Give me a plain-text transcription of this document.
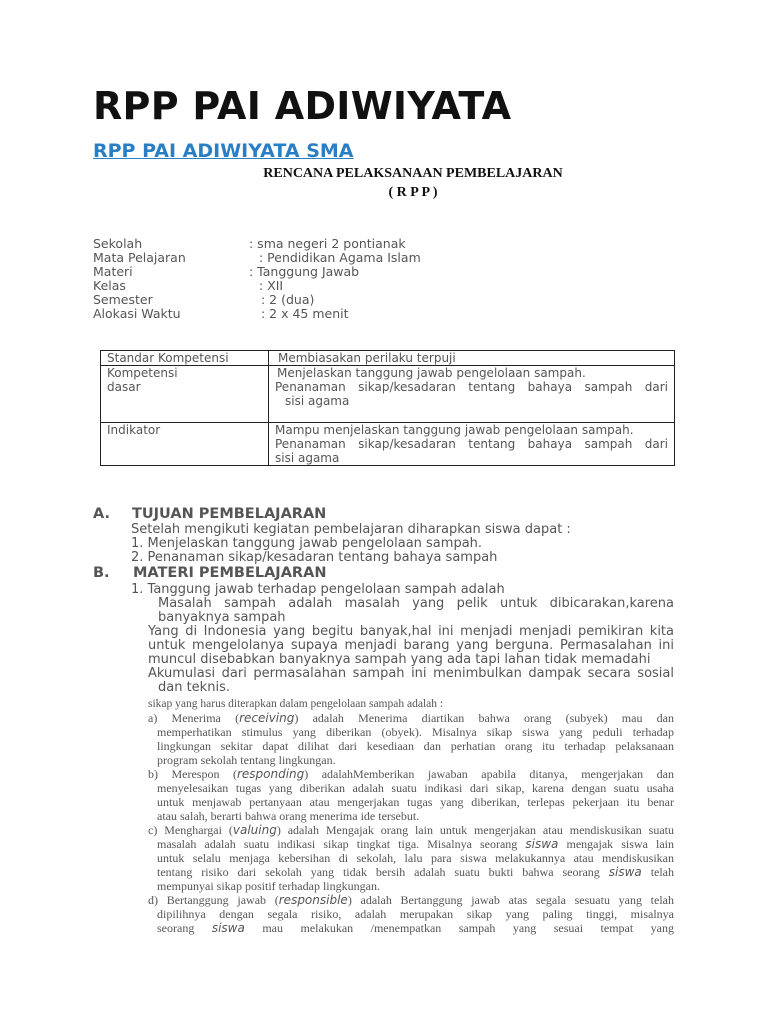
RPP PAI ADIWIYATA
RPP PAI ADIWIYATA SMA
RENCANA PELAKSANAAN PEMBELAJARAN
( R P P )
Sekolah	: sma negeri 2 pontianak
Mata Pelajaran	: Pendidikan Agama Islam
Materi	: Tanggung Jawab
Kelas	: XII
Semester	: 2 (dua)
Alokasi Waktu	: 2 x 45 menit
Standar Kompetensi	Membiasakan perilaku terpuji

Kompetensi dasar	Menjelaskan tanggung jawab pengelolaan sampah.
Penanaman sikap/kesadaran tentang bahaya sampah dari
sisi agama

Indikator	Mampu menjelaskan tanggung jawab pengelolaan sampah.
Penanaman sikap/kesadaran tentang bahaya sampah dari
sisi agama
A. TUJUAN PEMBELAJARAN
Setelah mengikuti kegiatan pembelajaran diharapkan siswa dapat :
1. Menjelaskan tanggung jawab pengelolaan sampah.
2. Penanaman sikap/kesadaran tentang bahaya sampah
B. MATERI PEMBELAJARAN
1. Tanggung jawab terhadap pengelolaan sampah adalah
Masalah sampah adalah masalah yang pelik untuk dibicarakan,karena
banyaknya sampah
Yang di Indonesia yang begitu banyak,hal ini menjadi menjadi pemikiran kita
untuk mengelolanya supaya menjadi barang yang berguna. Permasalahan ini
muncul disebabkan banyaknya sampah yang ada tapi lahan tidak memadahi
Akumulasi dari permasalahan sampah ini menimbulkan dampak secara sosial
dan teknis.
sikap yang harus diterapkan dalam pengelolaan sampah adalah :
a) Menerima (receiving) adalah Menerima diartikan bahwa orang (subyek) mau dan
memperhatikan stimulus yang diberikan (obyek). Misalnya sikap siswa yang peduli terhadap
lingkungan sekitar dapat dilihat dari kesediaan dan perhatian orang itu terhadap pelaksanaan
program sekolah tentang lingkungan.
b) Merespon (responding) adalahMemberikan jawaban apabila ditanya, mengerjakan dan
menyelesaikan tugas yang diberikan adalah suatu indikasi dari sikap, karena dengan suatu usaha
untuk menjawab pertanyaan atau mengerjakan tugas yang diberikan, terlepas pekerjaan itu benar
atau salah, berarti bahwa orang menerima ide tersebut.
c) Menghargai (valuing) adalah Mengajak orang lain untuk mengerjakan atau mendiskusikan suatu
masalah adalah suatu indikasi sikap tingkat tiga. Misalnya seorang siswa mengajak siswa lain
untuk selalu menjaga kebersihan di sekolah, lalu para siswa melakukannya atau mendiskusikan
tentang risiko dari sekolah yang tidak bersih adalah suatu bukti bahwa seorang siswa telah
mempunyai sikap positif terhadap lingkungan.
d) Bertanggung jawab (responsible) adalah Bertanggung jawab atas segala sesuatu yang telah
dipilihnya dengan segala risiko, adalah merupakan sikap yang paling tinggi, misalnya
seorang siswa mau melakukan /menempatkan sampah yang sesuai tempat yang
